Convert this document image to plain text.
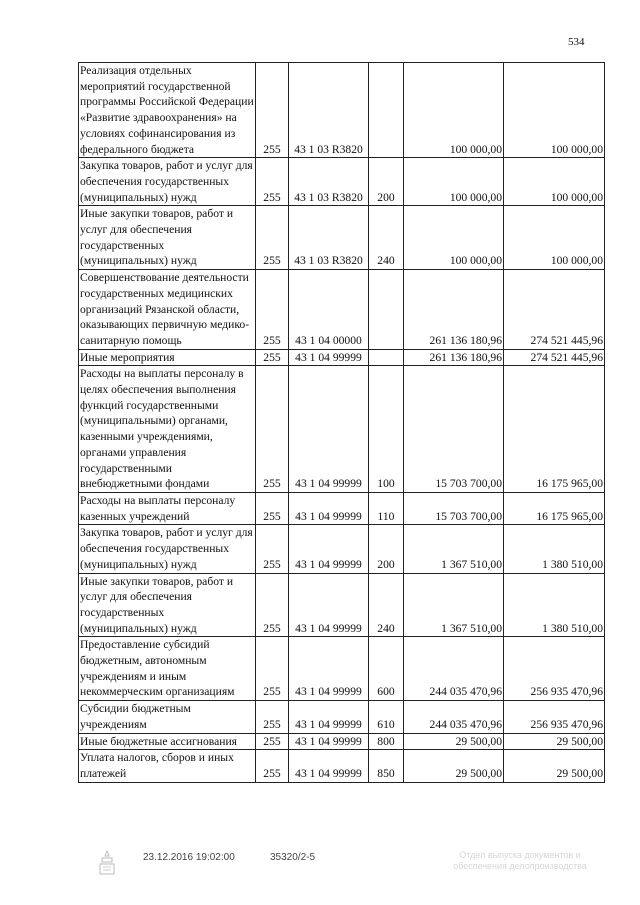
534
Реализация отдельных мероприятий государственной программы Российской Федерации «Развитие здравоохранения» на условиях софинансирования из федерального бюджета	255	43 1 03 R3820		100 000,00	100 000,00
Закупка товаров, работ и услуг для обеспечения государственных (муниципальных) нужд	255	43 1 03 R3820	200	100 000,00	100 000,00
Иные закупки товаров, работ и услуг для обеспечения государственных (муниципальных) нужд	255	43 1 03 R3820	240	100 000,00	100 000,00
Совершенствование деятельности государственных медицинских организаций Рязанской области, оказывающих первичную медико-санитарную помощь	255	43 1 04 00000		261 136 180,96	274 521 445,96
Иные мероприятия	255	43 1 04 99999		261 136 180,96	274 521 445,96
Расходы на выплаты персоналу в целях обеспечения выполнения функций государственными (муниципальными) органами, казенными учреждениями, органами управления государственными внебюджетными фондами	255	43 1 04 99999	100	15 703 700,00	16 175 965,00
Расходы на выплаты персоналу казенных учреждений	255	43 1 04 99999	110	15 703 700,00	16 175 965,00
Закупка товаров, работ и услуг для обеспечения государственных (муниципальных) нужд	255	43 1 04 99999	200	1 367 510,00	1 380 510,00
Иные закупки товаров, работ и услуг для обеспечения государственных (муниципальных) нужд	255	43 1 04 99999	240	1 367 510,00	1 380 510,00
Предоставление субсидий бюджетным, автономным учреждениям и иным некоммерческим организациям	255	43 1 04 99999	600	244 035 470,96	256 935 470,96
Субсидии бюджетным учреждениям	255	43 1 04 99999	610	244 035 470,96	256 935 470,96
Иные бюджетные ассигнования	255	43 1 04 99999	800	29 500,00	29 500,00
Уплата налогов, сборов и иных платежей	255	43 1 04 99999	850	29 500,00	29 500,00
23.12.2016 19:02:00	35320/2-5	Отдел выпуска документов и обеспечения делопроизводства
